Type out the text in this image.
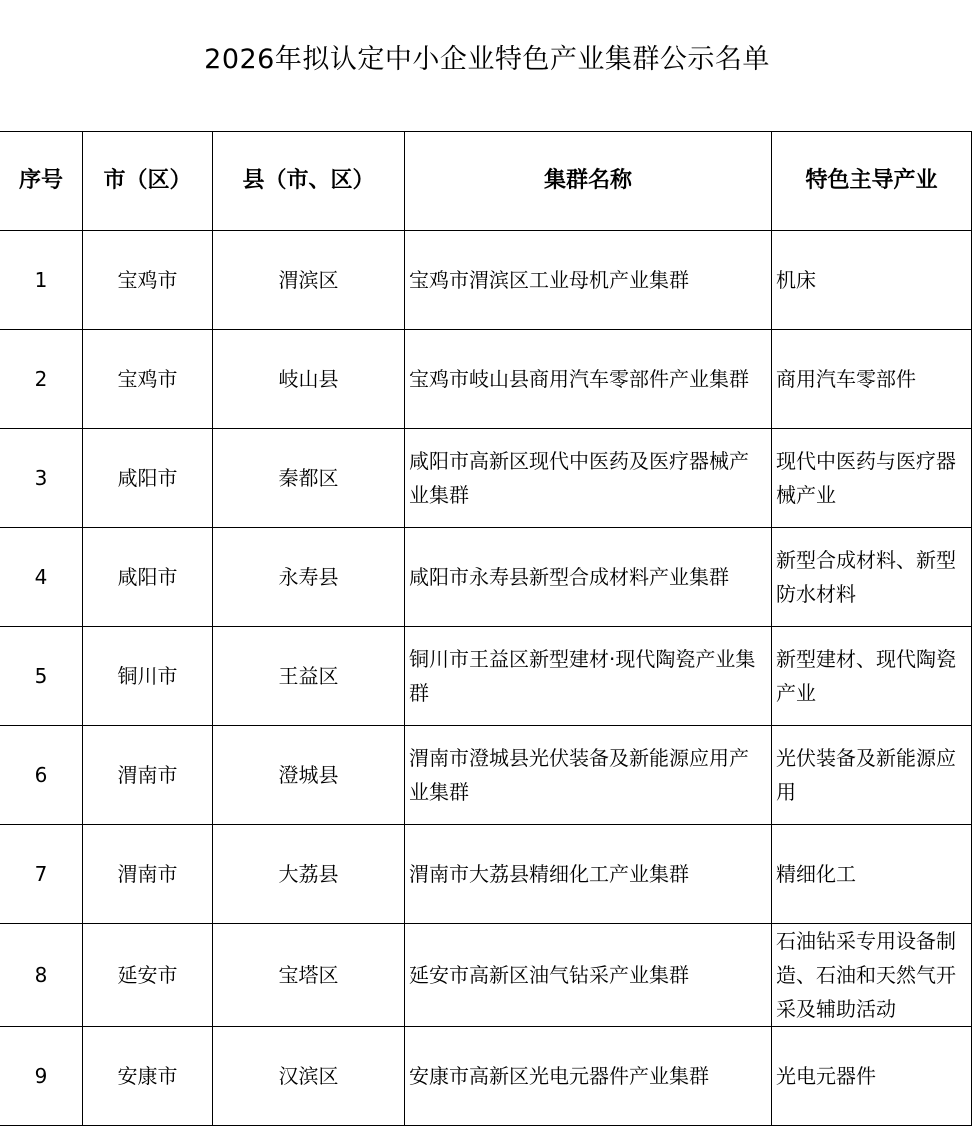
2026年拟认定中小企业特色产业集群公示名单
序号	市（区）	县（市、区）	集群名称	特色主导产业
1	宝鸡市	渭滨区	宝鸡市渭滨区工业母机产业集群	机床
2	宝鸡市	岐山县	宝鸡市岐山县商用汽车零部件产业集群	商用汽车零部件
3	咸阳市	秦都区	咸阳市高新区现代中医药及医疗器械产业集群	现代中医药与医疗器械产业
4	咸阳市	永寿县	咸阳市永寿县新型合成材料产业集群	新型合成材料、新型防水材料
5	铜川市	王益区	铜川市王益区新型建材·现代陶瓷产业集群	新型建材、现代陶瓷产业
6	渭南市	澄城县	渭南市澄城县光伏装备及新能源应用产业集群	光伏装备及新能源应用
7	渭南市	大荔县	渭南市大荔县精细化工产业集群	精细化工
8	延安市	宝塔区	延安市高新区油气钻采产业集群	石油钻采专用设备制造、石油和天然气开采及辅助活动
9	安康市	汉滨区	安康市高新区光电元器件产业集群	光电元器件
